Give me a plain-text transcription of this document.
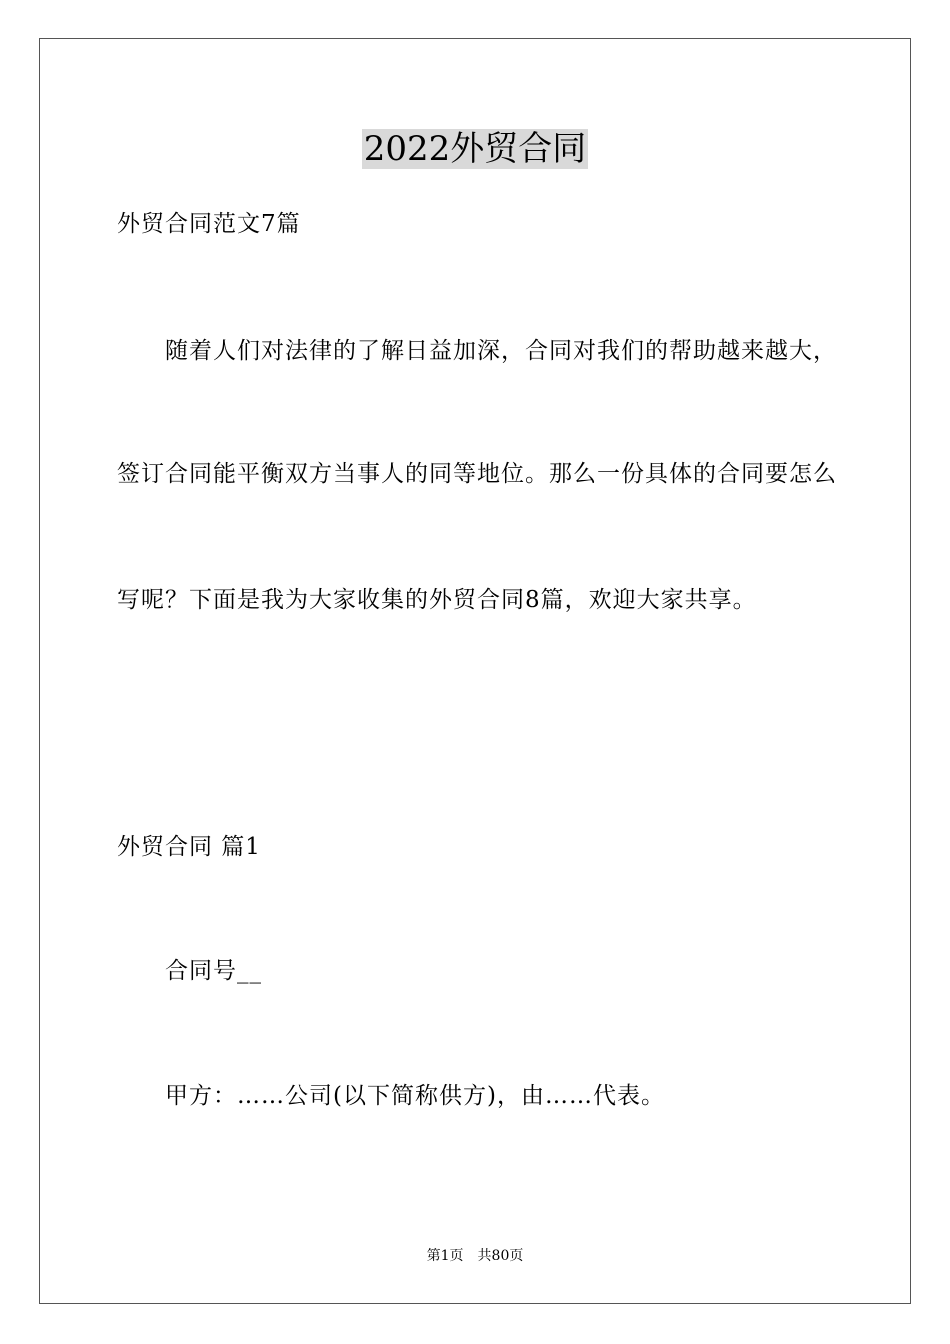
2022外贸合同
外贸合同范文7篇
随着人们对法律的了解日益加深，合同对我们的帮助越来越大，
签订合同能平衡双方当事人的同等地位。那么一份具体的合同要怎么
写呢？下面是我为大家收集的外贸合同8篇，欢迎大家共享。
外贸合同 篇1
合同号__
甲方：……公司(以下简称供方)，由……代表。
第1页 共80页
